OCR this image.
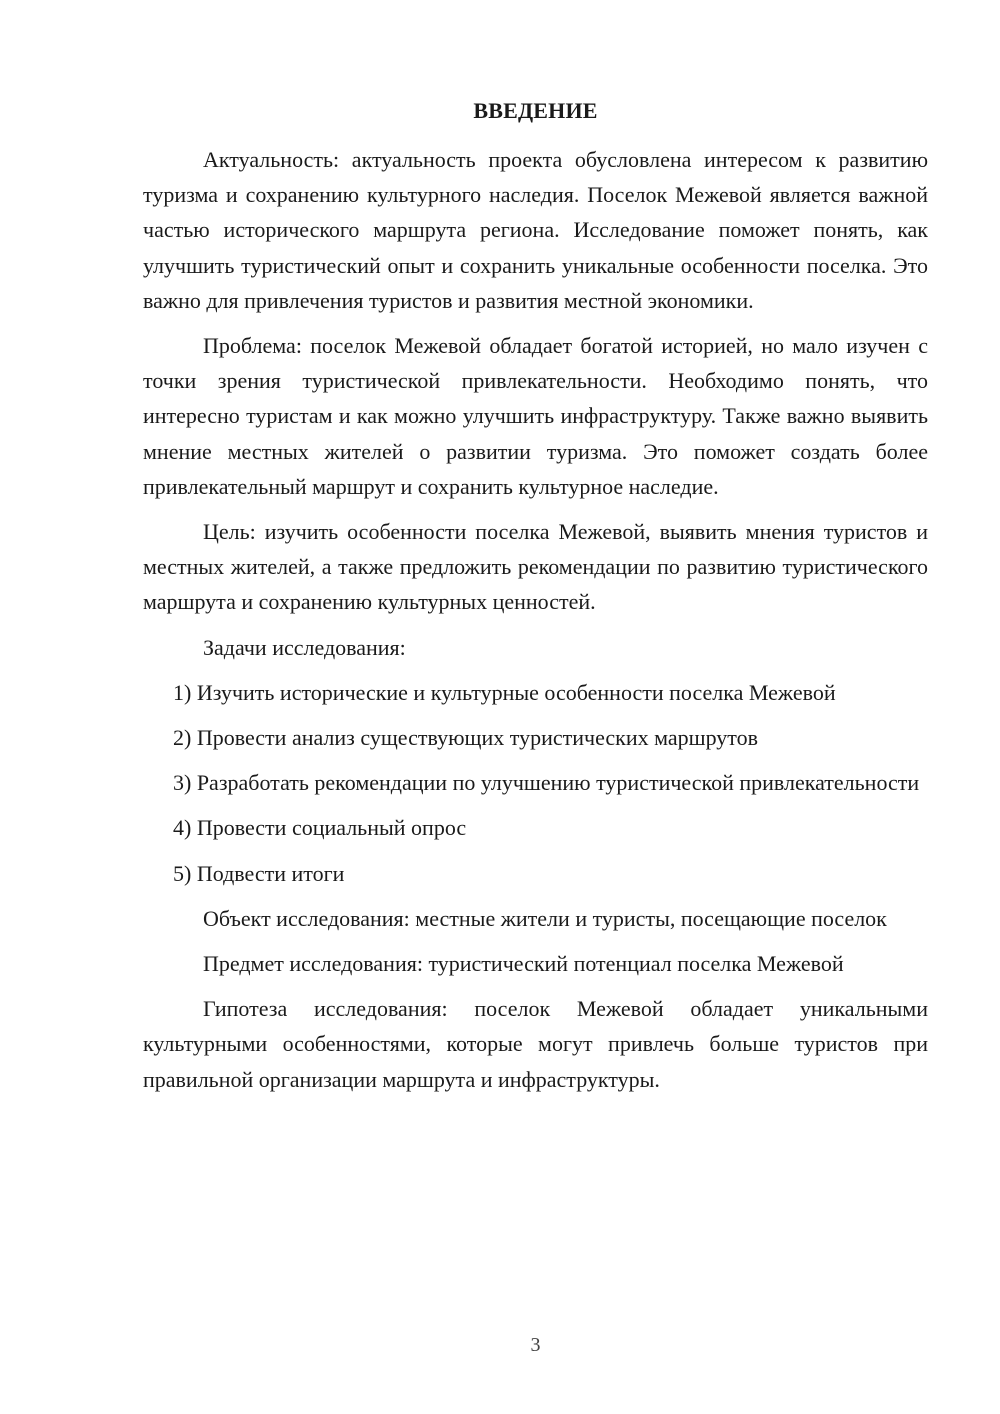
ВВЕДЕНИЕ

Актуальность: актуальность проекта обусловлена интересом к развитию туризма и сохранению культурного наследия. Поселок Межевой является важной частью исторического маршрута региона. Исследование поможет понять, как улучшить туристический опыт и сохранить уникальные особенности поселка. Это важно для привлечения туристов и развития местной экономики.

Проблема: поселок Межевой обладает богатой историей, но мало изучен с точки зрения туристической привлекательности. Необходимо понять, что интересно туристам и как можно улучшить инфраструктуру. Также важно выявить мнение местных жителей о развитии туризма. Это поможет создать более привлекательный маршрут и сохранить культурное наследие.

Цель: изучить особенности поселка Межевой, выявить мнения туристов и местных жителей, а также предложить рекомендации по развитию туристического маршрута и сохранению культурных ценностей.

Задачи исследования:

1) Изучить исторические и культурные особенности поселка Межевой

2) Провести анализ существующих туристических маршрутов

3) Разработать рекомендации по улучшению туристической привлекательности

4) Провести социальный опрос

5) Подвести итоги

Объект исследования: местные жители и туристы, посещающие поселок

Предмет исследования: туристический потенциал поселка Межевой

Гипотеза исследования: поселок Межевой обладает уникальными культурными особенностями, которые могут привлечь больше туристов при правильной организации маршрута и инфраструктуры.

3
